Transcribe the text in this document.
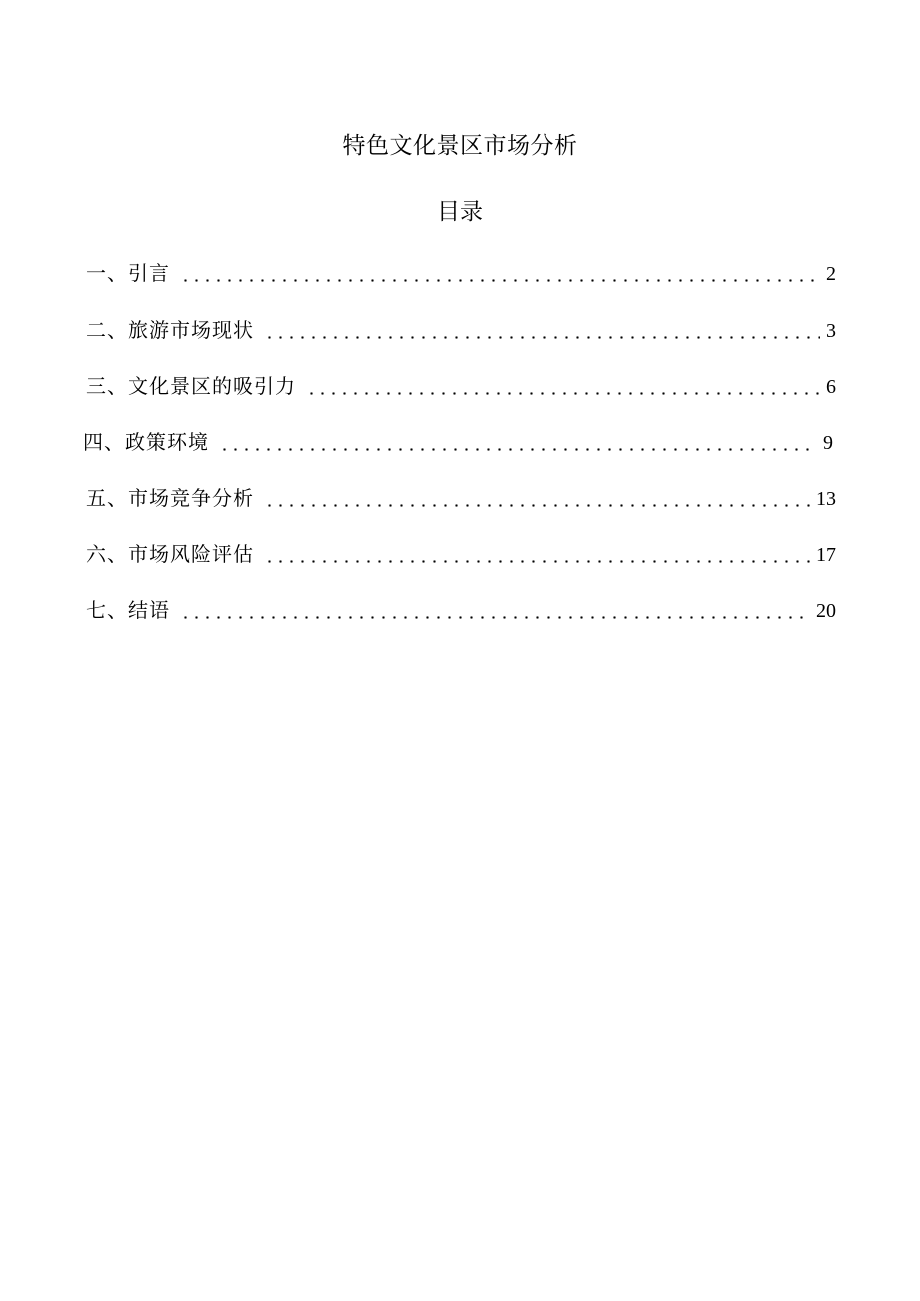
特色文化景区市场分析
目录
一、引言	2
二、旅游市场现状	3
三、文化景区的吸引力	6
四、政策环境	9
五、市场竞争分析	13
六、市场风险评估	17
七、结语	20
